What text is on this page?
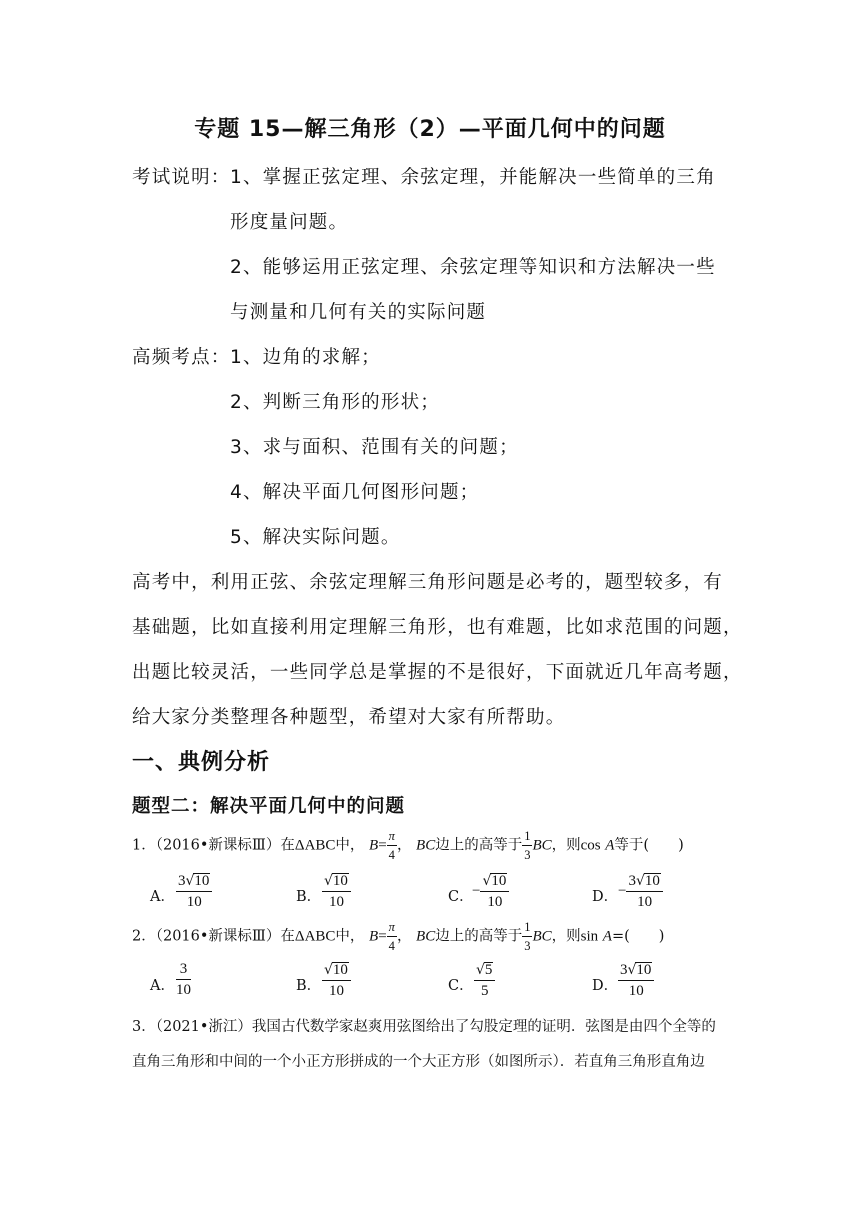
专题 15—解三角形（2）—平面几何中的问题
考试说明： 1、掌握正弦定理、余弦定理，并能解决一些简单的三角
形度量问题。
2、能够运用正弦定理、余弦定理等知识和方法解决一些
与测量和几何有关的实际问题
高频考点： 1、边角的求解；
2、判断三角形的形状；
3、求与面积、范围有关的问题；
4、解决平面几何图形问题；
5、解决实际问题。
高考中，利用正弦、余弦定理解三角形问题是必考的，题型较多，有
基础题，比如直接利用定理解三角形，也有难题，比如求范围的问题，
出题比较灵活，一些同学总是掌握的不是很好，下面就近几年高考题，
给大家分类整理各种题型，希望对大家有所帮助。
一、典例分析
题型二：解决平面几何中的问题
1．（2016•新课标Ⅲ）在ΔABC中， $B= \frac{\pi}{4}$ ， BC边上的高等于 $\frac{1}{3}$ BC，则cos A等于(　　)
A． $\frac{3√10}{10}$	B． $\frac{√10}{10}$	C．
− $\frac{√10}{10}$	D． − $\frac{3√10}{10}$
2．（2016•新课标Ⅲ）在ΔABC中， $B= \frac{\pi}{4}$ ， BC边上的高等于 $\frac{1}{3}$ BC，则sin A=(　　)
A． $\frac{3}{10}$	B． $\frac{√10}{10}$	C． $\frac{√5}{5}$	D． $\frac{3√10}{10}$
3．（2021•浙江）我国古代数学家赵爽用弦图给出了勾股定理的证明．弦图是由四个全等的
直角三角形和中间的一个小正方形拼成的一个大正方形（如图所示）．若直角三角形直角边
